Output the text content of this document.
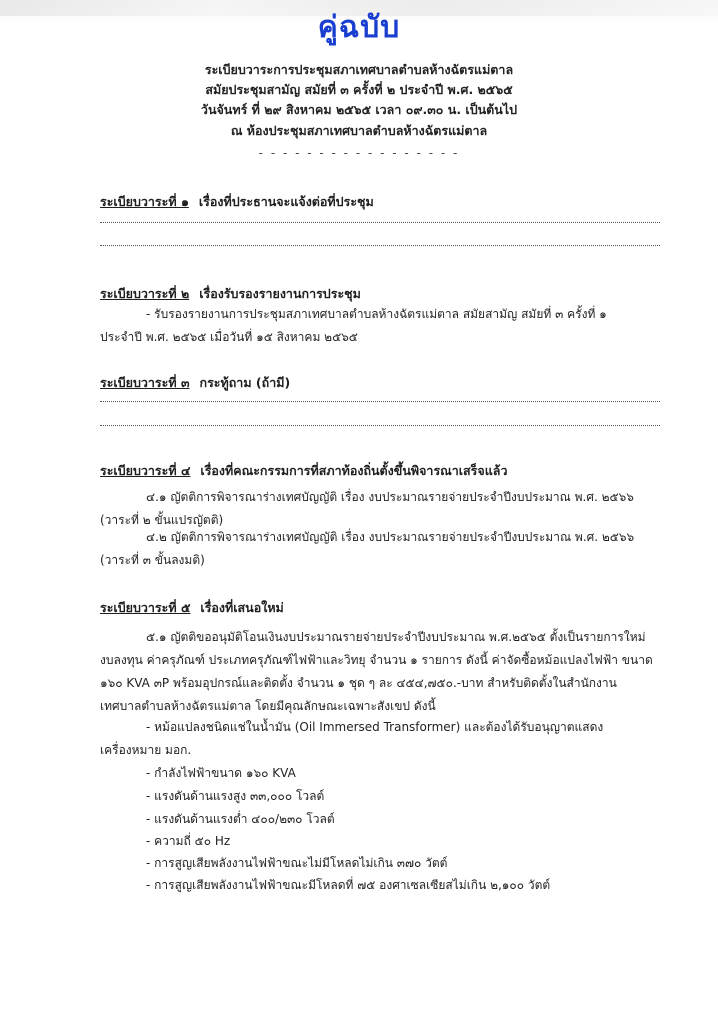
คู่ฉบับ
ระเบียบวาระการประชุมสภาเทศบาลตำบลห้างฉัตรแม่ตาล
สมัยประชุมสามัญ สมัยที่ ๓ ครั้งที่ ๒ ประจำปี พ.ศ. ๒๕๖๕
วันจันทร์ ที่ ๒๙ สิงหาคม ๒๕๖๕ เวลา ๐๙.๓๐ น. เป็นต้นไป
ณ ห้องประชุมสภาเทศบาลตำบลห้างฉัตรแม่ตาล
- - - - - - - - - - - - - - - - -
ระเบียบวาระที่ ๑ เรื่องที่ประธานจะแจ้งต่อที่ประชุม
ระเบียบวาระที่ ๒ เรื่องรับรองรายงานการประชุม
- รับรองรายงานการประชุมสภาเทศบาลตำบลห้างฉัตรแม่ตาล สมัยสามัญ สมัยที่ ๓ ครั้งที่ ๑
ประจำปี พ.ศ. ๒๕๖๕ เมื่อวันที่ ๑๕ สิงหาคม ๒๕๖๕
ระเบียบวาระที่ ๓ กระทู้ถาม (ถ้ามี)
ระเบียบวาระที่ ๔ เรื่องที่คณะกรรมการที่สภาท้องถิ่นตั้งขึ้นพิจารณาเสร็จแล้ว
๔.๑ ญัตติการพิจารณาร่างเทศบัญญัติ เรื่อง งบประมาณรายจ่ายประจำปีงบประมาณ พ.ศ. ๒๕๖๖
(วาระที่ ๒ ขั้นแปรญัตติ)
๔.๒ ญัตติการพิจารณาร่างเทศบัญญัติ เรื่อง งบประมาณรายจ่ายประจำปีงบประมาณ พ.ศ. ๒๕๖๖
(วาระที่ ๓ ขั้นลงมติ)
ระเบียบวาระที่ ๕ เรื่องที่เสนอใหม่
๕.๑ ญัตติขออนุมัติโอนเงินงบประมาณรายจ่ายประจำปีงบประมาณ พ.ศ.๒๕๖๕ ตั้งเป็นรายการใหม่
งบลงทุน ค่าครุภัณฑ์ ประเภทครุภัณฑ์ไฟฟ้าและวิทยุ จำนวน ๑ รายการ ดังนี้ ค่าจัดซื้อหม้อแปลงไฟฟ้า ขนาด
๑๖๐ KVA ๓P พร้อมอุปกรณ์และติดตั้ง จำนวน ๑ ชุด ๆ ละ ๔๕๔,๗๕๐.-บาท สำหรับติดตั้งในสำนักงาน
เทศบาลตำบลห้างฉัตรแม่ตาล โดยมีคุณลักษณะเฉพาะสังเขป ดังนี้
- หม้อแปลงชนิดแช่ในน้ำมัน (Oil Immersed Transformer) และต้องได้รับอนุญาตแสดง
เครื่องหมาย มอก.
- กำลังไฟฟ้าขนาด ๑๖๐ KVA
- แรงดันด้านแรงสูง ๓๓,๐๐๐ โวลต์
- แรงดันด้านแรงต่ำ ๔๐๐/๒๓๐ โวลต์
- ความถี่ ๕๐ Hz
- การสูญเสียพลังงานไฟฟ้าขณะไม่มีโหลดไม่เกิน ๓๗๐ วัตต์
- การสูญเสียพลังงานไฟฟ้าขณะมีโหลดที่ ๗๕ องศาเซลเซียสไม่เกิน ๒,๑๐๐ วัตต์
